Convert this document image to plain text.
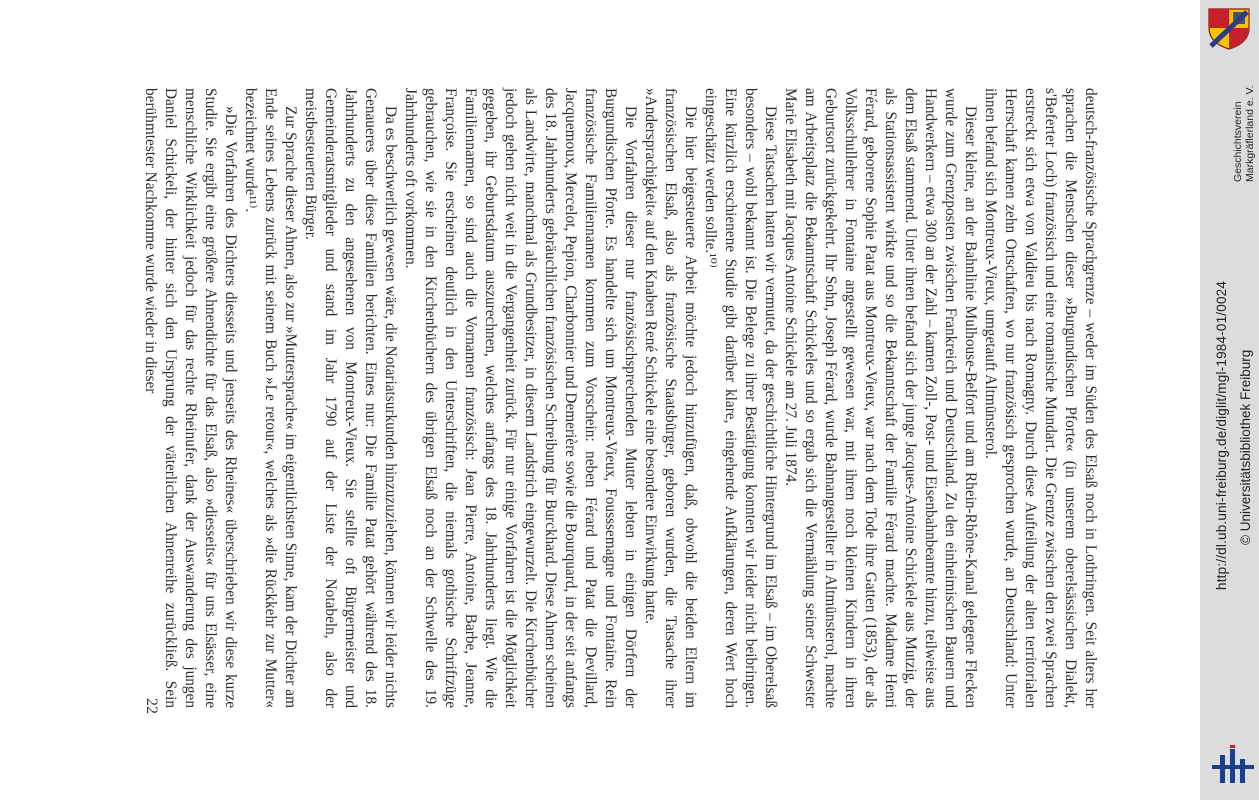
deutsch-französische Sprachgrenze – weder im Süden des Elsaß noch in Lothringen. Seit alters her sprachen die Menschen dieser »Burgundischen Pforte« (in unserem oberelsässischen Dialekt, s'Beferter Loch) französisch und eine romanische Mundart. Die Grenze zwischen den zwei Sprachen erstreckt sich etwa von Valdieu bis nach Romagny. Durch diese Aufteilung der alten territorialen Herrschaft kamen zehn Ortschaften, wo nur französisch gesprochen wurde, an Deutschland: Unter ihnen befand sich Montreux-Vieux, umgetauft Altmünsterol.

Dieser kleine, an der Bahnlinie Mulhouse-Belfort und am Rhein-Rhône-Kanal gelegene Flecken wurde zum Grenzposten zwischen Frankreich und Deutschland. Zu den einheimischen Bauern und Handwerkern – etwa 300 an der Zahl – kamen Zoll-, Post- und Eisenbahnbeamte hinzu, teilweise aus dem Elsaß stammend. Unter ihnen befand sich der junge Jacques-Antoine Schickele aus Mutzig, der als Stationsassistent wirkte und so die Bekanntschaft der Familie Férard machte. Madame Henri Férard, geborene Sophie Patat aus Montreux-Vieux, war nach dem Tode ihre Gatten (1853), der als Volksschullehrer in Fontaine angestellt gewesen war, mit ihren noch kleinen Kindern in ihren Geburtsort zurückgekehrt. Ihr Sohn, Joseph Férard, wurde Bahnangestellter in Altmünsterol, machte am Arbeitsplatz die Bekanntschaft Schickeles und so ergab sich die Vermählung seiner Schwester Marie Elisabeth mit Jacques Antoine Schickele am 27. Juli 1874.

Diese Tatsachen hatten wir vermutet, da der geschichtliche Hintergrund im Elsaß – im Oberelsaß besonders – wohl bekannt ist. Die Belege zu ihrer Bestätigung konnten wir leider nicht beibringen. Eine kürzlich erschienene Studie gibt darüber klare, eingehende Aufklärungen, deren Wert hoch eingeschätzt werden sollte.¹⁰⁾

Die hier beigesteuerte Arbeit möchte jedoch hinzufügen, daß, obwohl die beiden Eltern im französischen Elsaß, also als französische Staatsbürger, geboren wurden, die Tatsache ihrer »Andersprachigkeit« auf den Knaben René Schickele eine besondere Einwirkung hatte.

Die Vorfahren dieser nur französischsprechenden Mutter lebten in einigen Dörfern der Burgundischen Pforte. Es handelte sich um Montreux-Vieux, Fousssemagne und Fontaine. Rein französische Familiennamen kommen zum Vorschein: neben Férard und Patat die Devillard, Jacquemoux, Mercelot, Pepion, Charbonnier und Demerière sowie die Bourquard, in der seit anfangs des 18. Jahrhunderts gebräuchlichen französischen Schreibung für Burckhard. Diese Ahnen scheinen als Landwirte, manchmal als Grundbesitzer, in diesem Landstrich eingewurzelt. Die Kirchenbücher jedoch gehen nicht weit in die Vergangenheit zurück. Für nur einige Vorfahren ist die Möglichkeit gegeben, ihr Geburtsdatum auszurechnen, welches anfangs des 18. Jahrhunderts liegt. Wie die Familiennamen, so sind auch die Vornamen französisch: Jean Pierre, Antoine, Barbe, Jeanne, Françoise. Sie erscheinen deutlich in den Unterschriften, die niemals gothische Schriftzüge gebrauchen, wie sie in den Kirchenbüchern des übrigen Elsaß noch an der Schwelle des 19. Jahrhunderts oft vorkommen.

Da es beschwerlich gewesen wäre, die Notariatsurkunden hinzuzuziehen, können wir leider nichts Genaueres über diese Familien berichten. Eines nur: Die Familie Patat gehört während des 18. Jahrhunderts zu den angesehenen von Montreux-Vieux. Sie stellte oft Bürgermeister und Gemeinderatsmitglieder und stand im Jahr 1790 auf der Liste der Notabeln, also der meistbesteuerten Bürger.

Zur Sprache dieser Ahnen, also zur »Muttersprache« im eigentlichsten Sinne, kam der Dichter am Ende seines Lebens zurück mit seinem Buch »Le retour«, welches als »die Rückkehr zur Mutter« bezeichnet wurde¹¹⁾.

»Die Vorfahren des Dichters diesseits und jenseits des Rheines« überschrieben wir diese kurze Studie. Sie ergibt eine größere Ahnendichte für das Elsaß, also »diesseits« für uns Elsässer, eine menschliche Wirklichkeit jedoch für das rechte Rheinufer, dank der Auswanderung des jungen Daniel Schickeli, der hinter sich den Ursprung der väterlichen Ahnenreihe zurückließ. Sein berühmtester Nachkomme wurde wieder in dieser

22
Geschichtsverein Markgräflerland e. V.
http://dl.ub.uni-freiburg.de/diglit/mgl-1984-01/0024 © Universitätsbibliothek Freiburg
